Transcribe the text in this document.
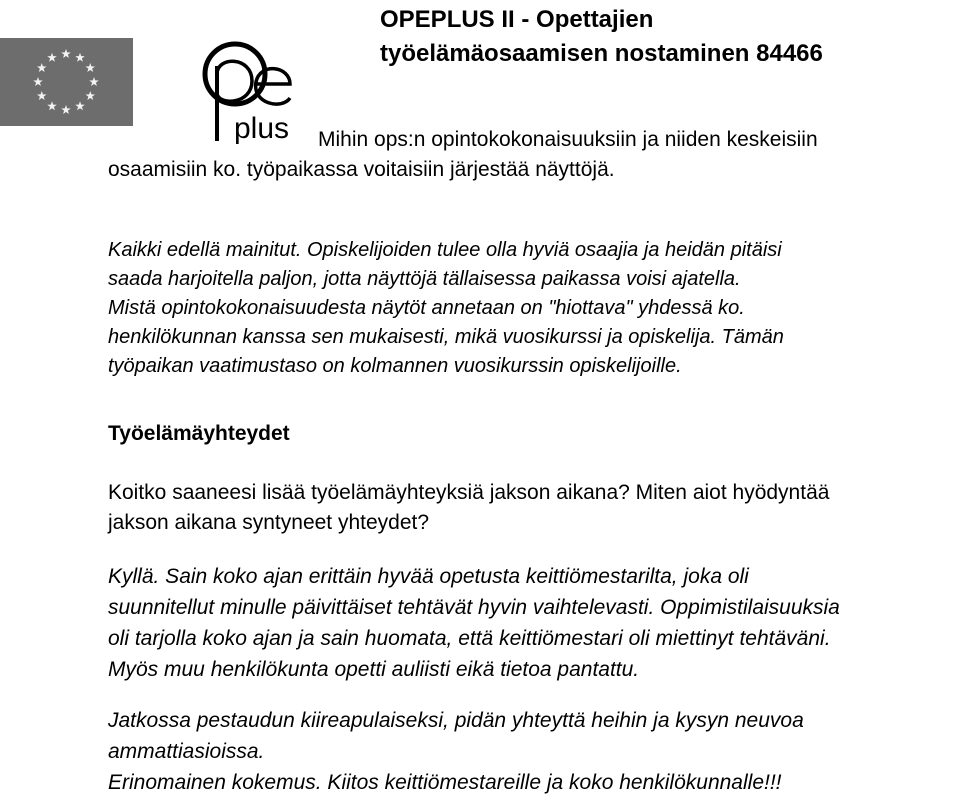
plus
OPEPLUS II - Opettajien
työelämäosaamisen nostaminen 84466
Mihin ops:n opintokokonaisuuksiin ja niiden keskeisiin
osaamisiin ko. työpaikassa voitaisiin järjestää näyttöjä.
Kaikki edellä mainitut. Opiskelijoiden tulee olla hyviä osaajia ja heidän pitäisi
saada harjoitella paljon, jotta näyttöjä tällaisessa paikassa voisi ajatella.
Mistä opintokokonaisuudesta näytöt annetaan on "hiottava" yhdessä ko.
henkilökunnan kanssa sen mukaisesti, mikä vuosikurssi ja opiskelija. Tämän
työpaikan vaatimustaso on kolmannen vuosikurssin opiskelijoille.
Työelämäyhteydet
Koitko saaneesi lisää työelämäyhteyksiä jakson aikana? Miten aiot hyödyntää
jakson aikana syntyneet yhteydet?
Kyllä. Sain koko ajan erittäin hyvää opetusta keittiömestarilta, joka oli
suunnitellut minulle päivittäiset tehtävät hyvin vaihtelevasti. Oppimistilaisuuksia
oli tarjolla koko ajan ja sain huomata, että keittiömestari oli miettinyt tehtäväni.
Myös muu henkilökunta opetti auliisti eikä tietoa pantattu.
Jatkossa pestaudun kiireapulaiseksi, pidän yhteyttä heihin ja kysyn neuvoa
ammattiasioissa.
Erinomainen kokemus. Kiitos keittiömestareille ja koko henkilökunnalle!!!
